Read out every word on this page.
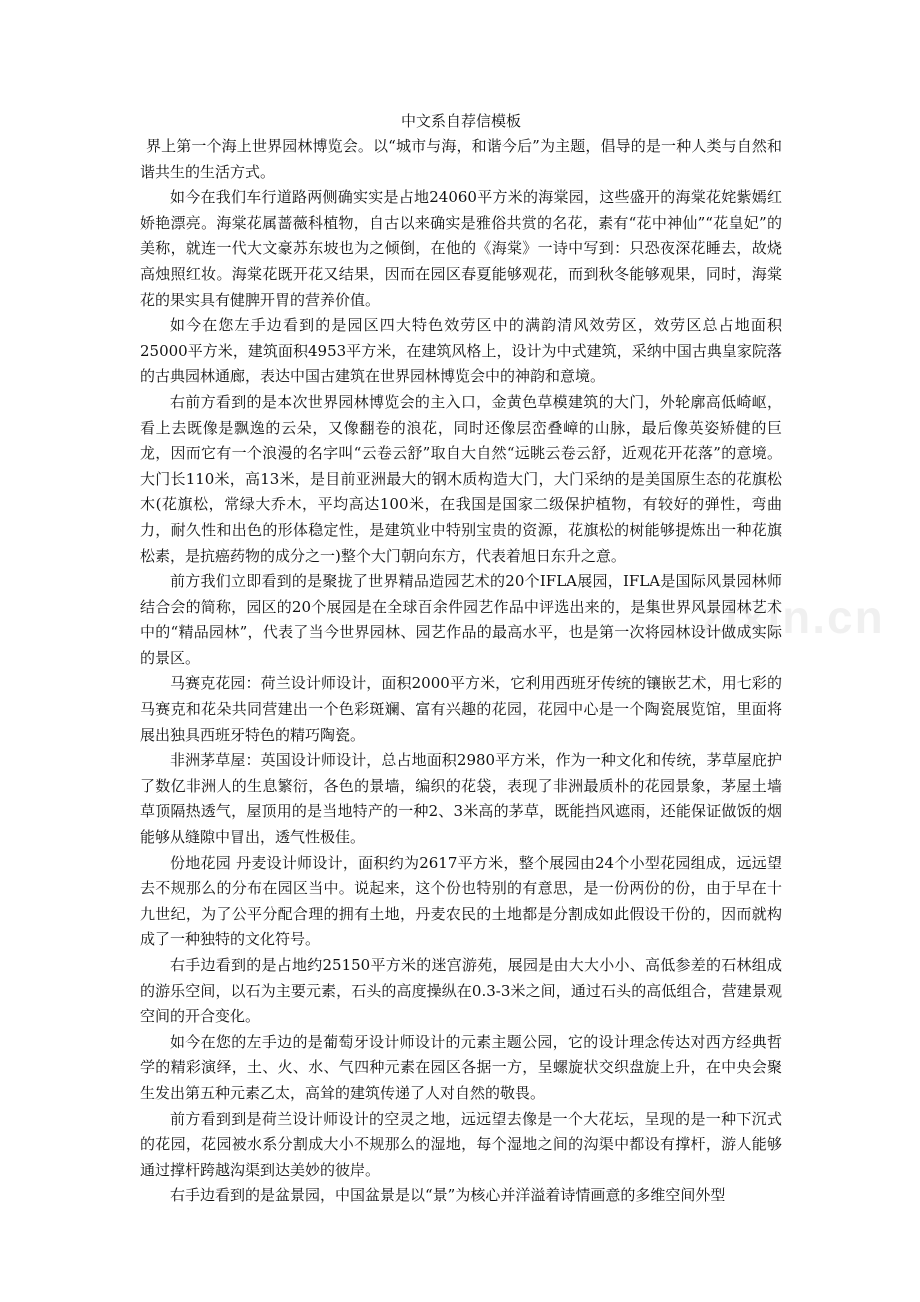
中文系自荐信模板

界上第一个海上世界园林博览会。以“城市与海，和谐今后”为主题，倡导的是一种人类与自然和谐共生的生活方式。

如今在我们车行道路两侧确实实是占地24060平方米的海棠园，这些盛开的海棠花姹紫嫣红娇艳漂亮。海棠花属蔷薇科植物，自古以来确实是雅俗共赏的名花，素有“花中神仙”“花皇妃”的美称，就连一代大文豪苏东坡也为之倾倒，在他的《海棠》一诗中写到：只恐夜深花睡去，故烧高烛照红妆。海棠花既开花又结果，因而在园区春夏能够观花，而到秋冬能够观果，同时，海棠花的果实具有健脾开胃的营养价值。

如今在您左手边看到的是园区四大特色效劳区中的满韵清风效劳区，效劳区总占地面积25000平方米，建筑面积4953平方米，在建筑风格上，设计为中式建筑，采纳中国古典皇家院落的古典园林通廊，表达中国古建筑在世界园林博览会中的神韵和意境。

右前方看到的是本次世界园林博览会的主入口，金黄色草模建筑的大门，外轮廓高低崎岖，看上去既像是飘逸的云朵，又像翻卷的浪花，同时还像层峦叠嶂的山脉，最后像英姿矫健的巨龙，因而它有一个浪漫的名字叫“云卷云舒”取自大自然“远眺云卷云舒，近观花开花落”的意境。大门长110米，高13米，是目前亚洲最大的钢木质构造大门，大门采纳的是美国原生态的花旗松木(花旗松，常绿大乔木，平均高达100米，在我国是国家二级保护植物，有较好的弹性，弯曲力，耐久性和出色的形体稳定性，是建筑业中特别宝贵的资源，花旗松的树能够提炼出一种花旗松素，是抗癌药物的成分之一)整个大门朝向东方，代表着旭日东升之意。

前方我们立即看到的是聚拢了世界精品造园艺术的20个IFLA展园，IFLA是国际风景园林师结合会的简称，园区的20个展园是在全球百余件园艺作品中评选出来的，是集世界风景园林艺术中的“精品园林”，代表了当今世界园林、园艺作品的最高水平，也是第一次将园林设计做成实际的景区。

马赛克花园：荷兰设计师设计，面积2000平方米，它利用西班牙传统的镶嵌艺术，用七彩的马赛克和花朵共同营建出一个色彩斑斓、富有兴趣的花园，花园中心是一个陶瓷展览馆，里面将展出独具西班牙特色的精巧陶瓷。

非洲茅草屋：英国设计师设计，总占地面积2980平方米，作为一种文化和传统，茅草屋庇护了数亿非洲人的生息繁衍，各色的景墙，编织的花袋，表现了非洲最质朴的花园景象，茅屋土墙草顶隔热透气，屋顶用的是当地特产的一种2、3米高的茅草，既能挡风遮雨，还能保证做饭的烟能够从缝隙中冒出，透气性极佳。

份地花园 丹麦设计师设计，面积约为2617平方米，整个展园由24个小型花园组成，远远望去不规那么的分布在园区当中。说起来，这个份也特别的有意思，是一份两份的份，由于早在十九世纪，为了公平分配合理的拥有土地，丹麦农民的土地都是分割成如此假设干份的，因而就构成了一种独特的文化符号。

右手边看到的是占地约25150平方米的迷宫游苑，展园是由大大小小、高低参差的石林组成的游乐空间，以石为主要元素，石头的高度操纵在0.3-3米之间，通过石头的高低组合，营建景观空间的开合变化。

如今在您的左手边的是葡萄牙设计师设计的元素主题公园，它的设计理念传达对西方经典哲学的精彩演绎，土、火、水、气四种元素在园区各据一方，呈螺旋状交织盘旋上升，在中央会聚生发出第五种元素乙太，高耸的建筑传递了人对自然的敬畏。

前方看到到是荷兰设计师设计的空灵之地，远远望去像是一个大花坛，呈现的是一种下沉式的花园，花园被水系分割成大小不规那么的湿地，每个湿地之间的沟渠中都设有撑杆，游人能够通过撑杆跨越沟渠到达美妙的彼岸。

右手边看到的是盆景园，中国盆景是以“景”为核心并洋溢着诗情画意的多维空间外型

zixin.cn
